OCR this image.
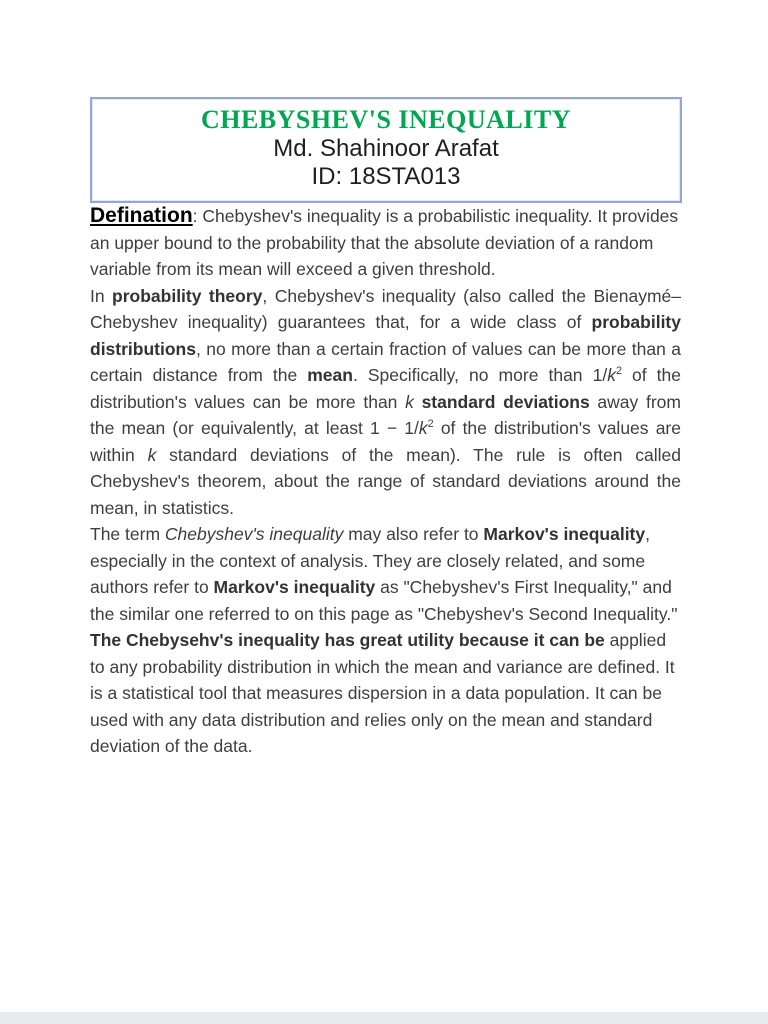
CHEBYSHEV'S INEQUALITY
Md. Shahinoor Arafat
ID: 18STA013

Defination: Chebyshev's inequality is a probabilistic inequality. It provides an upper bound to the probability that the absolute deviation of a random variable from its mean will exceed a given threshold.

In probability theory, Chebyshev's inequality (also called the Bienaymé–Chebyshev inequality) guarantees that, for a wide class of probability distributions, no more than a certain fraction of values can be more than a certain distance from the mean. Specifically, no more than $1/k^2$ of the distribution's values can be more than k standard deviations away from the mean (or equivalently, at least $1 - 1/k^2$ of the distribution's values are within k standard deviations of the mean). The rule is often called Chebyshev's theorem, about the range of standard deviations around the mean, in statistics.

The term Chebyshev's inequality may also refer to Markov's inequality, especially in the context of analysis. They are closely related, and some authors refer to Markov's inequality as "Chebyshev's First Inequality," and the similar one referred to on this page as "Chebyshev's Second Inequality."

The Chebysehv's inequality has great utility because it can be applied to any probability distribution in which the mean and variance are defined. It is a statistical tool that measures dispersion in a data population. It can be used with any data distribution and relies only on the mean and standard deviation of the data.
